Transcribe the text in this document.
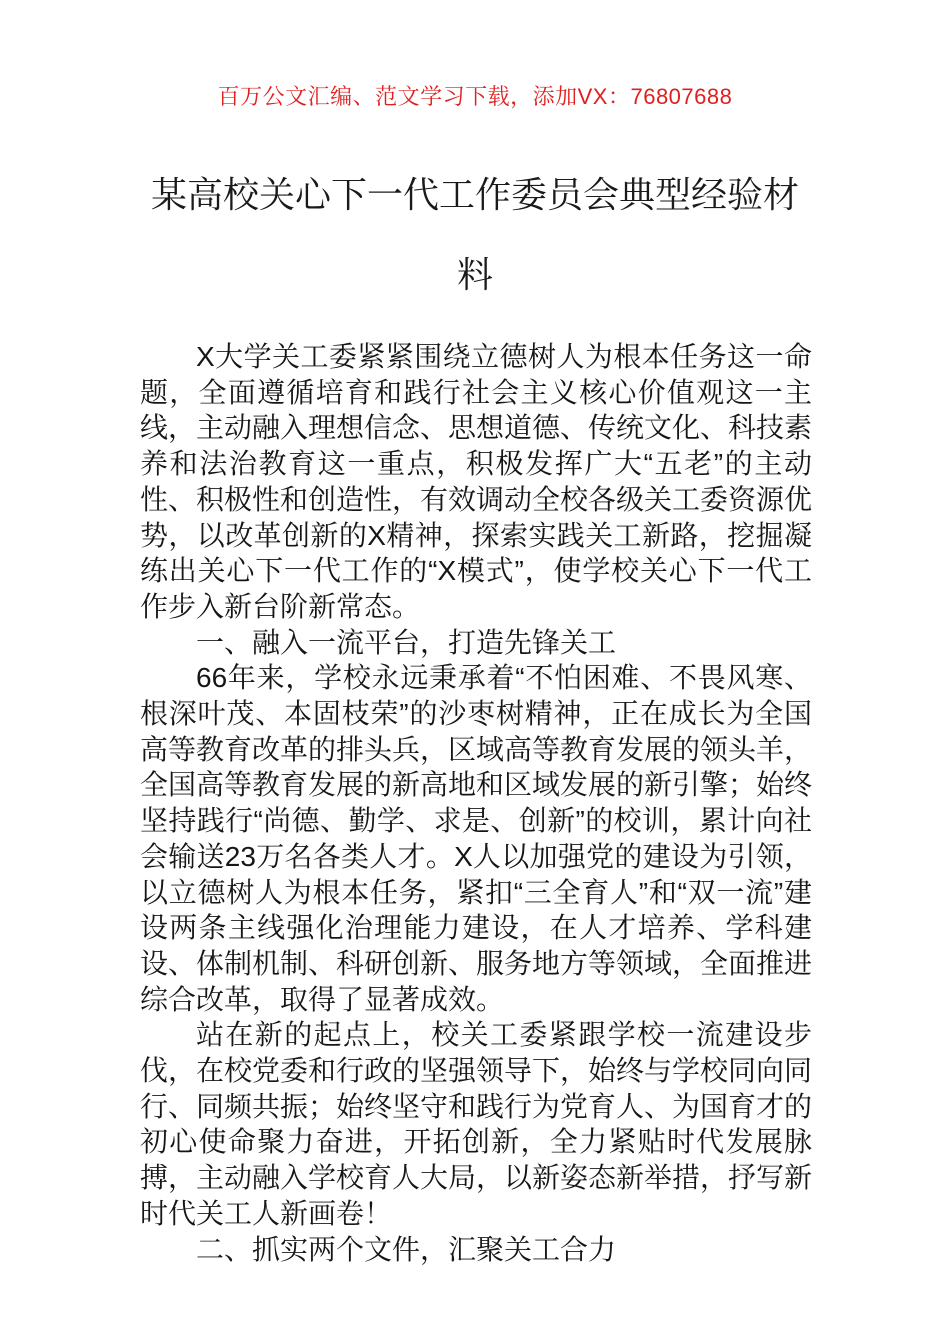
百万公文汇编、范文学习下载，添加VX：76807688
某高校关心下一代工作委员会典型经验材料

X大学关工委紧紧围绕立德树人为根本任务这一命题，全面遵循培育和践行社会主义核心价值观这一主线，主动融入理想信念、思想道德、传统文化、科技素养和法治教育这一重点，积极发挥广大“五老”的主动性、积极性和创造性，有效调动全校各级关工委资源优势，以改革创新的X精神，探索实践关工新路，挖掘凝练出关心下一代工作的“X模式”，使学校关心下一代工作步入新台阶新常态。

一、融入一流平台，打造先锋关工

66年来，学校永远秉承着“不怕困难、不畏风寒、根深叶茂、本固枝荣”的沙枣树精神，正在成长为全国高等教育改革的排头兵，区域高等教育发展的领头羊，全国高等教育发展的新高地和区域发展的新引擎；始终坚持践行“尚德、勤学、求是、创新”的校训，累计向社会输送23万名各类人才。X人以加强党的建设为引领，以立德树人为根本任务，紧扣“三全育人”和“双一流”建设两条主线强化治理能力建设，在人才培养、学科建设、体制机制、科研创新、服务地方等领域，全面推进综合改革，取得了显著成效。

站在新的起点上，校关工委紧跟学校一流建设步伐，在校党委和行政的坚强领导下，始终与学校同向同行、同频共振；始终坚守和践行为党育人、为国育才的初心使命聚力奋进，开拓创新，全力紧贴时代发展脉搏，主动融入学校育人大局，以新姿态新举措，抒写新时代关工人新画卷！

二、抓实两个文件，汇聚关工合力
